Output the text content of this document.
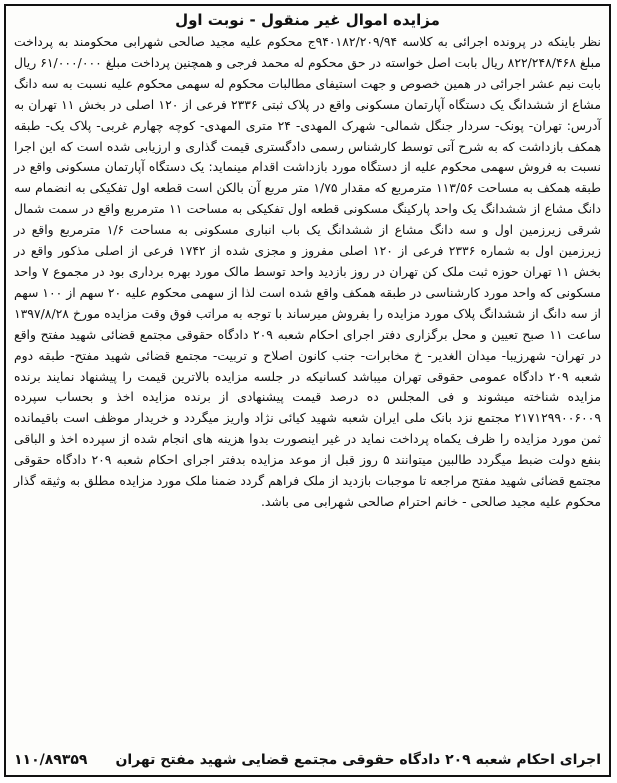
مزایده اموال غیر منقول - نوبت اول
نظر باینکه در پرونده اجرائی به کلاسه ۹۴۰۱۸۲/۲۰۹/۹۴ج محکوم علیه مجید صالحی شهرابی محکومند به پرداخت مبلغ ۸۲۲/۲۴۸/۴۶۸ ریال بابت اصل خواسته در حق محکوم له محمد فرجی و همچنین پرداخت مبلغ ۶۱/۰۰۰/۰۰۰ ریال بابت نیم عشر اجرائی در همین خصوص و جهت استیفای مطالبات محکوم له سهمی محکوم علیه نسبت به سه دانگ مشاع از ششدانگ یک دستگاه آپارتمان مسکونی واقع در پلاک ثبتی ۲۳۳۶ فرعی از ۱۲۰ اصلی در بخش ۱۱ تهران به آدرس: تهران- پونک- سردار جنگل شمالی- شهرک المهدی- ۲۴ متری المهدی- کوچه چهارم غربی- پلاک یک- طبقه همکف بازداشت که به شرح آتی توسط کارشناس رسمی دادگستری قیمت گذاری و ارزیابی شده است که این اجرا نسبت به فروش سهمی محکوم علیه از دستگاه مورد بازداشت اقدام مینماید: یک دستگاه آپارتمان مسکونی واقع در طبقه همکف به مساحت ۱۱۳/۵۶ مترمربع که مقدار ۱/۷۵ متر مربع آن بالکن است قطعه اول تفکیکی به انضمام سه دانگ مشاع از ششدانگ یک واحد پارکینگ مسکونی قطعه اول تفکیکی به مساحت ۱۱ مترمربع واقع در سمت شمال شرقی زیرزمین اول و سه دانگ مشاع از ششدانگ یک باب انباری مسکونی به مساحت ۱/۶ مترمربع واقع در زیرزمین اول به شماره ۲۳۳۶ فرعی از ۱۲۰ اصلی مفروز و مجزی شده از ۱۷۴۲ فرعی از اصلی مذکور واقع در بخش ۱۱ تهران حوزه ثبت ملک کن تهران در روز بازدید واحد توسط مالک مورد بهره برداری بود در مجموع ۷ واحد مسکونی که واحد مورد کارشناسی در طبقه همکف واقع شده است لذا از سهمی محکوم علیه ۲۰ سهم از ۱۰۰ سهم از سه دانگ از ششدانگ پلاک مورد مزایده را بفروش میرساند با توجه به مراتب فوق وقت مزایده مورخ ۱۳۹۷/۸/۲۸ ساعت ۱۱ صبح تعیین و محل برگزاری دفتر اجرای احکام شعبه ۲۰۹ دادگاه حقوقی مجتمع قضائی شهید مفتح واقع در تهران- شهرزیبا- میدان الغدیر- خ مخابرات- جنب کانون اصلاح و تربیت- مجتمع قضائی شهید مفتح- طبقه دوم شعبه ۲۰۹ دادگاه عمومی حقوقی تهران میباشد کسانیکه در جلسه مزایده بالاترین قیمت را پیشنهاد نمایند برنده مزایده شناخته میشوند و فی المجلس ده درصد قیمت پیشنهادی از برنده مزایده اخذ و بحساب سپرده ۲۱۷۱۲۹۹۰۰۶۰۰۹ مجتمع نزد بانک ملی ایران شعبه شهید کیائی نژاد واریز میگردد و خریدار موظف است باقیمانده ثمن مورد مزایده را ظرف یکماه پرداخت نماید در غیر اینصورت بدوا هزینه های انجام شده از سپرده اخذ و الباقی بنفع دولت ضبط میگردد طالبین میتوانند ۵ روز قبل از موعد مزایده بدفتر اجرای احکام شعبه ۲۰۹ دادگاه حقوقی مجتمع قضائی شهید مفتح مراجعه تا موجبات بازدید از ملک فراهم گردد ضمنا ملک مورد مزایده مطلق به وثیقه گذار محکوم علیه مجید صالحی - خانم احترام صالحی شهرابی می باشد.
اجرای احکام شعبه ۲۰۹ دادگاه حقوقی مجتمع قضایی شهید مفتح تهران
۱۱۰/۸۹۳۵۹
